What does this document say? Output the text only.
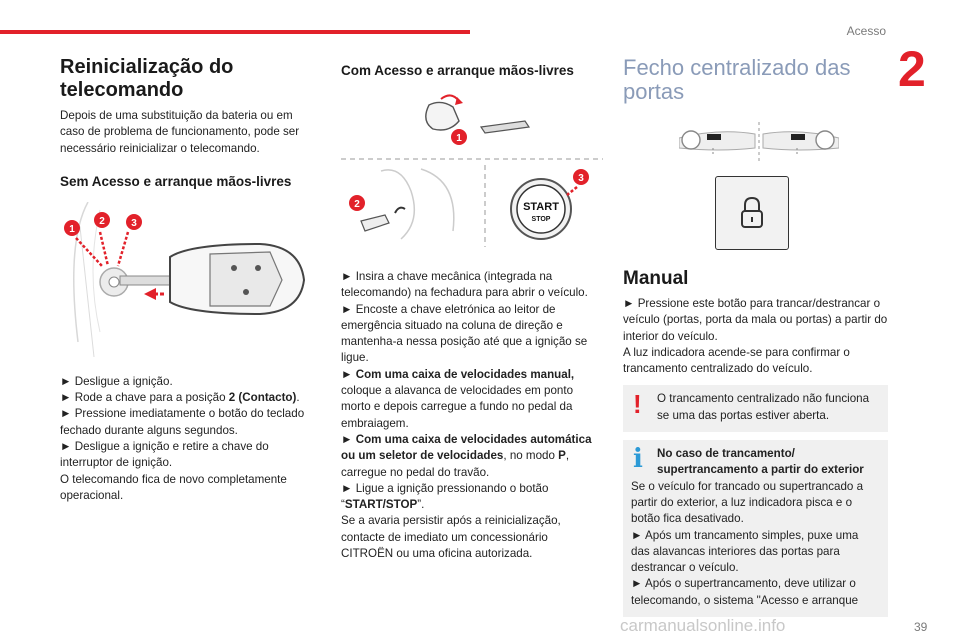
Acesso
2
Reinicialização do telecomando

Depois de uma substituição da bateria ou em caso de problema de funcionamento, pode ser necessário reinicializar o telecomando.

Sem Acesso e arranque mãos-livres
1
2	3

► Desligue a ignição.

► Rode a chave para a posição 2 (Contacto).

► Pressione imediatamente o botão do teclado fechado durante alguns segundos.

► Desligue a ignição e retire a chave do interruptor de ignição.

O telecomando fica de novo completamente operacional.

Com Acesso e arranque mãos-livres
1
2	START
STOP
3

► Insira a chave mecânica (integrada na telecomando) na fechadura para abrir o veículo.

► Encoste a chave eletrónica ao leitor de emergência situado na coluna de direção e mantenha-a nessa posição até que a ignição se ligue.

► Com uma caixa de velocidades manual, coloque a alavanca de velocidades em ponto morto e depois carregue a fundo no pedal da embraiagem.

► Com uma caixa de velocidades automática ou um seletor de velocidades, no modo P, carregue no pedal do travão.

► Ligue a ignição pressionando o botão “START/STOP”.

Se a avaria persistir após a reinicialização, contacte de imediato um concessionário CITROËN ou uma oficina autorizada.

Fecho centralizado das portas
Manual

► Pressione este botão para trancar/destrancar o veículo (portas, porta da mala ou portas) a partir do interior do veículo.

A luz indicadora acende-se para confirmar o trancamento centralizado do veículo.

! O trancamento centralizado não funciona se uma das portas estiver aberta.

i	No caso de trancamento/ supertrancamento a partir do exterior

Se o veículo for trancado ou supertrancado a partir do exterior, a luz indicadora pisca e o botão fica desativado.

► Após um trancamento simples, puxe uma das alavancas interiores das portas para destrancar o veículo.

► Após o supertrancamento, deve utilizar o telecomando, o sistema "Acesso e arranque

carmanualsonline.info	39
